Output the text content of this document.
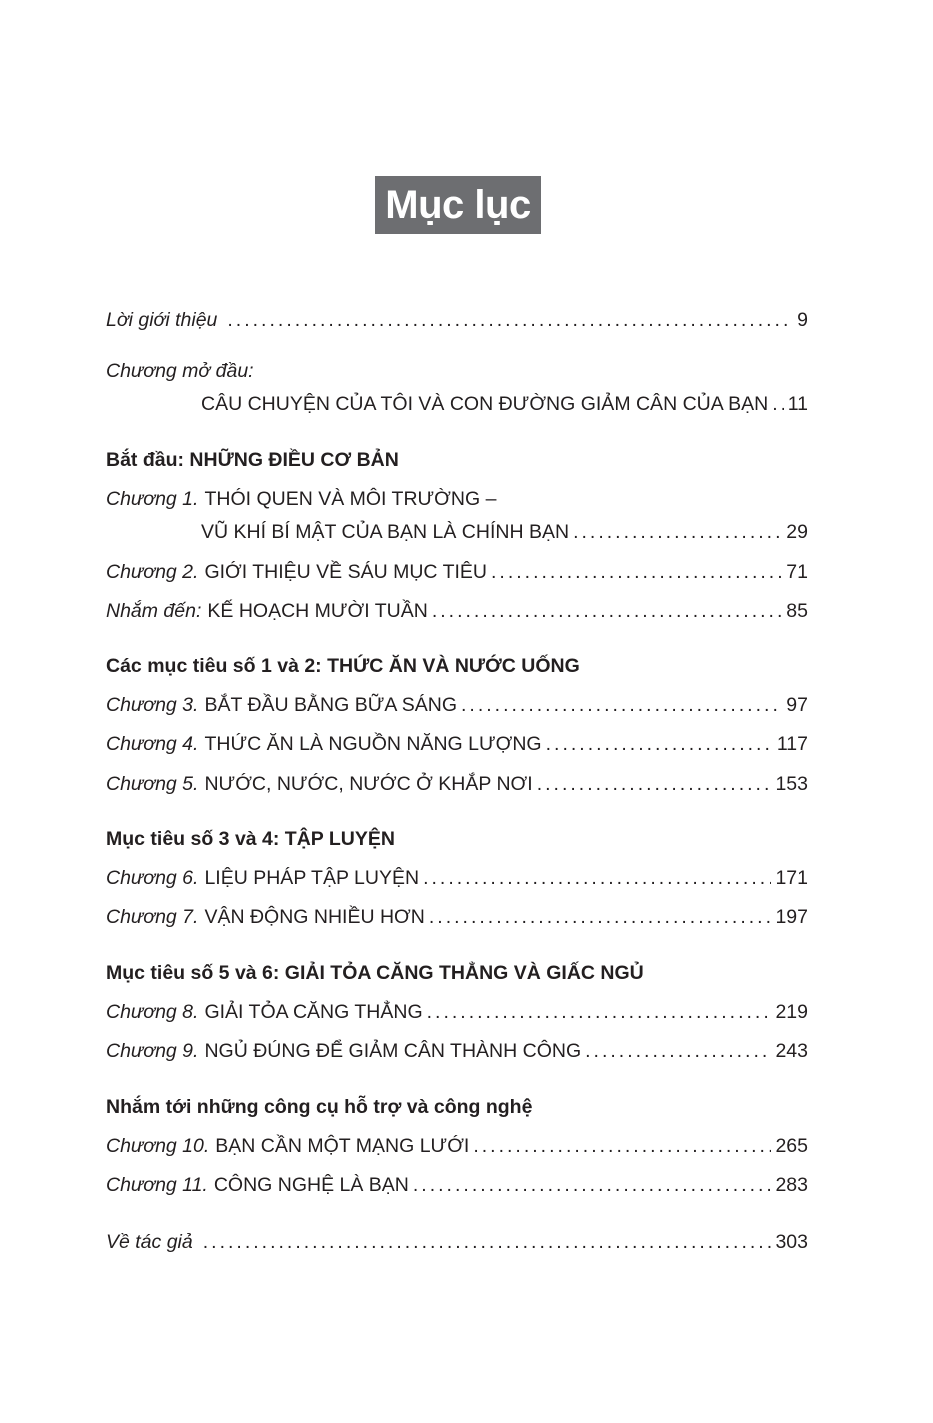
Mục lục
Lời giới thiệu .....	9
Chương mở đầu:
CÂU CHUYỆN CỦA TÔI VÀ CON ĐƯỜNG GIẢM CÂN CỦA BẠN ..... 11
Bắt đầu: NHỮNG ĐIỀU CƠ BẢN
Chương 1. THÓI QUEN VÀ MÔI TRƯỜNG –
VŨ KHÍ BÍ MẬT CỦA BẠN LÀ CHÍNH BẠN .....	29
Chương 2. GIỚI THIỆU VỀ SÁU MỤC TIÊU .....	71
Nhắm đến: KẾ HOẠCH MƯỜI TUẦN .....	85
Các mục tiêu số 1 và 2: THỨC ĂN VÀ NƯỚC UỐNG
Chương 3. BẮT ĐẦU BẰNG BỮA SÁNG .....	97
Chương 4. THỨC ĂN LÀ NGUỒN NĂNG LƯỢNG .....	117
Chương 5. NƯỚC, NƯỚC, NƯỚC Ở KHẮP NƠI .....	153
Mục tiêu số 3 và 4: TẬP LUYỆN
Chương 6. LIỆU PHÁP TẬP LUYỆN .....	171
Chương 7. VẬN ĐỘNG NHIỀU HƠN .....	197
Mục tiêu số 5 và 6: GIẢI TỎA CĂNG THẲNG VÀ GIẤC NGỦ
Chương 8. GIẢI TỎA CĂNG THẲNG .....	219
Chương 9. NGỦ ĐÚNG ĐỂ GIẢM CÂN THÀNH CÔNG .....	243
Nhắm tới những công cụ hỗ trợ và công nghệ
Chương 10. BẠN CẦN MỘT MẠNG LƯỚI .....	265
Chương 11. CÔNG NGHỆ LÀ BẠN .....	283
Về tác giả .....	303
